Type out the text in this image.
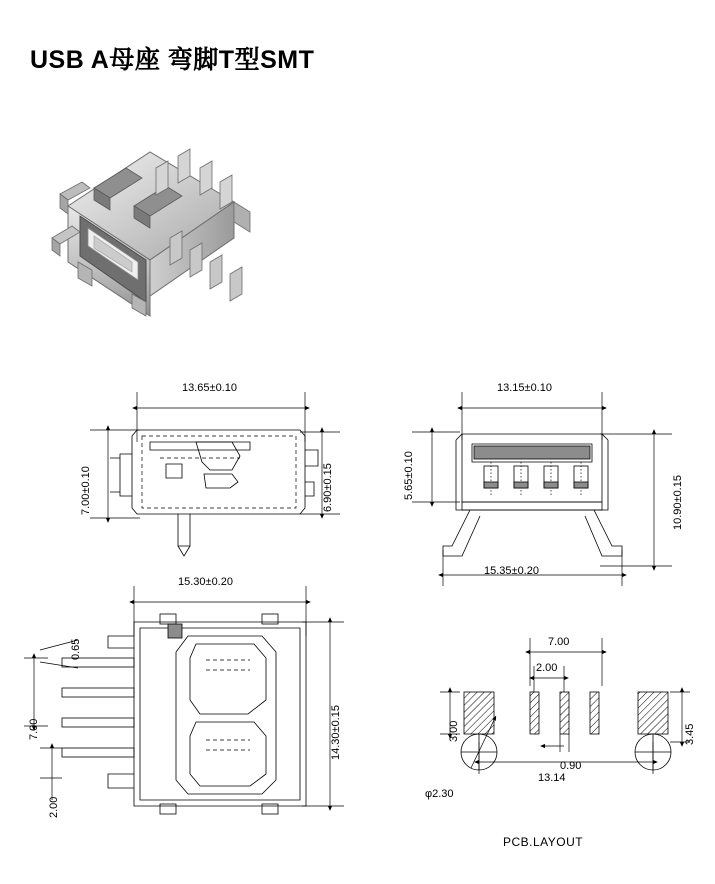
USB A母座 弯脚T型SMT
13.65±0.10
7.00±0.10	6.90±0.15
13.15±0.10
5.65±0.10	10.90±0.15
15.35±0.20
15.30±0.20
14.30±0.15
0.65
7.00
2.00
7.00
2.00
3.00	3.45
0.90
13.14
φ2.30
PCB.LAYOUT
